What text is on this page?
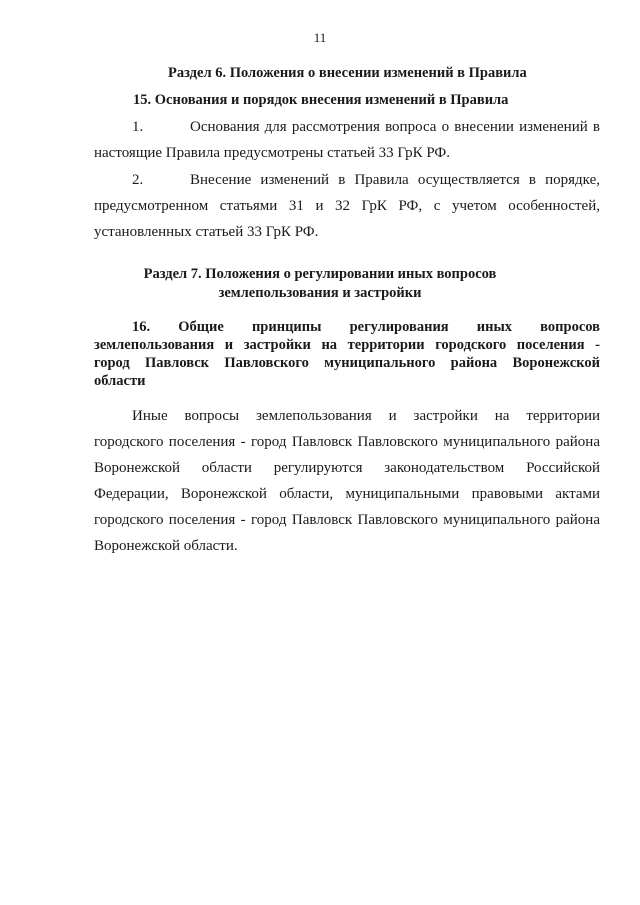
11
Раздел 6. Положения о внесении изменений в Правила
15. Основания и порядок внесения изменений в Правила
1.	Основания для рассмотрения вопроса о внесении изменений в
настоящие Правила предусмотрены статьей 33 ГрК РФ.
2.	Внесение изменений в Правила осуществляется в порядке,
предусмотренном статьями 31 и 32 ГрК РФ, с учетом особенностей,
установленных статьей 33 ГрК РФ.
Раздел 7. Положения о регулировании иных вопросов
землепользования и застройки
16. Общие принципы регулирования иных вопросов
землепользования и застройки на территории городского поселения -
город Павловск Павловского муниципального района Воронежской
области
Иные вопросы землепользования и застройки на территории
городского поселения - город Павловск Павловского муниципального района
Воронежской области регулируются законодательством Российской
Федерации, Воронежской области, муниципальными правовыми актами
городского поселения - город Павловск Павловского муниципального района
Воронежской области.
